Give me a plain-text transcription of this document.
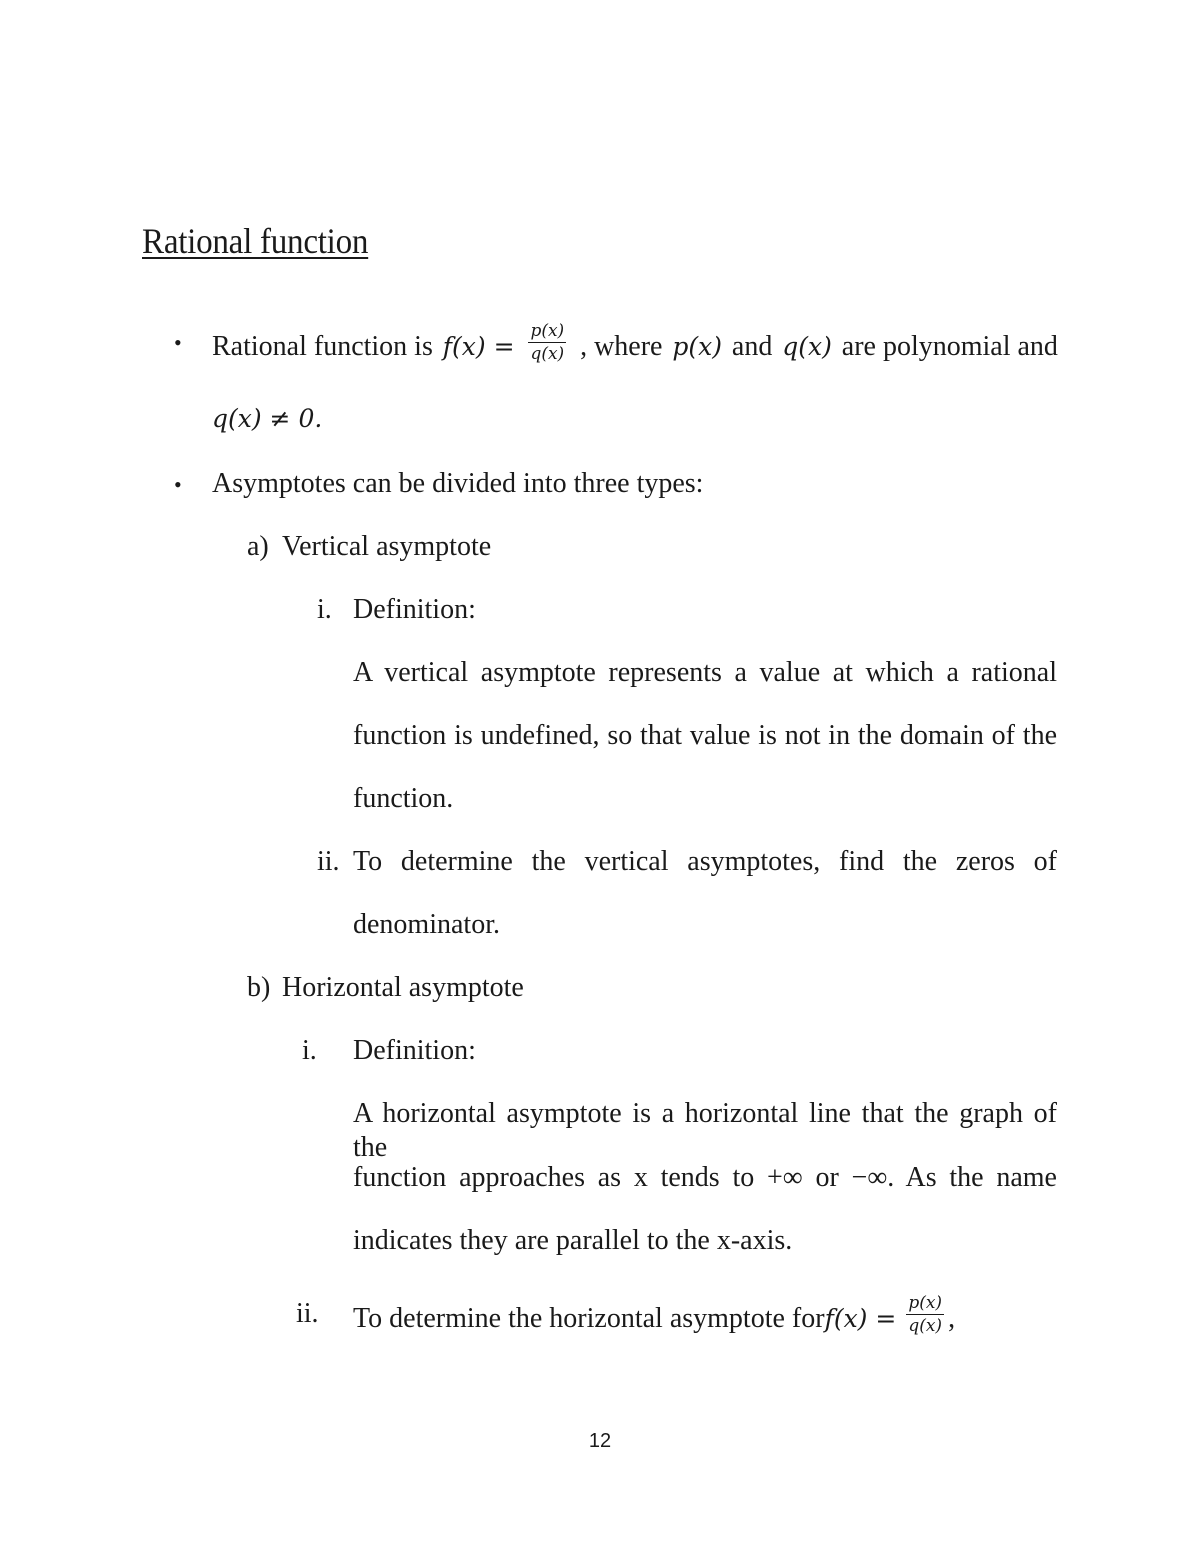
Rational function
• Rational function is $f(x) = \frac{p(x)}{q(x)}$ , where p(x) and q(x) are polynomial and
q(x) ≠ 0.
• Asymptotes can be divided into three types:
a) Vertical asymptote
i. Definition:
A vertical asymptote represents a value at which a rational
function is undefined, so that value is not in the domain of the
function.
ii. To determine the vertical asymptotes, find the zeros of
denominator.
b) Horizontal asymptote
i. Definition:
A horizontal asymptote is a horizontal line that the graph of the
function approaches as x tends to +∞ or −∞. As the name
indicates they are parallel to the x-axis.
ii. To determine the horizontal asymptote for $f(x) = \frac{p(x)}{q(x)}$ ,
12
